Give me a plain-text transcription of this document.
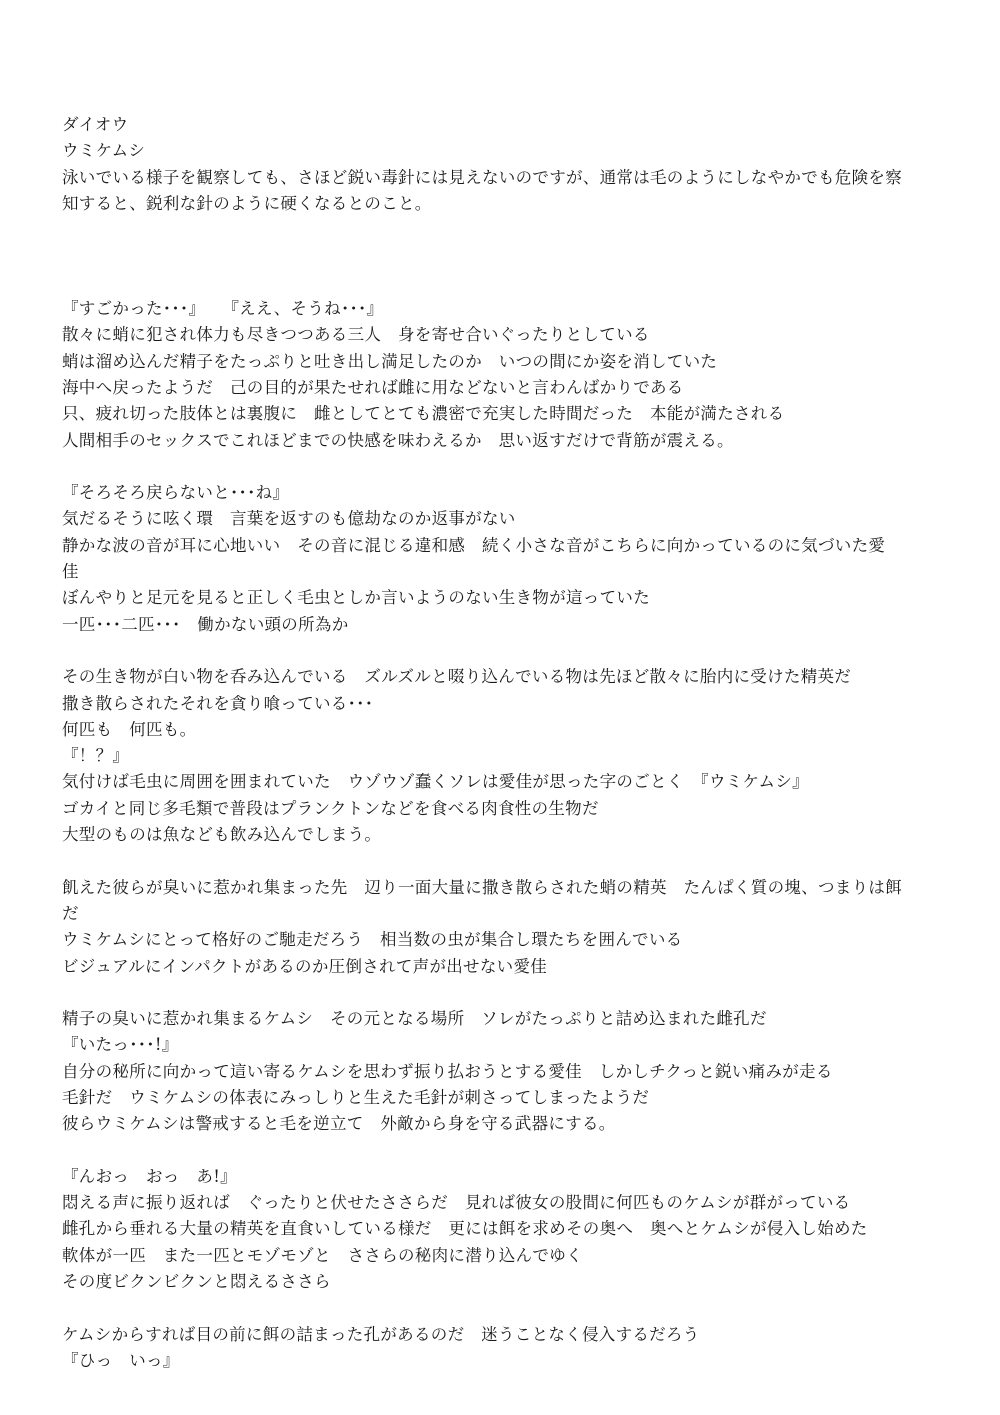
ダイオウ
ウミケムシ
泳いでいる様子を観察しても、さほど鋭い毒針には見えないのですが、通常は毛のようにしなやかでも危険を察
知すると、鋭利な針のように硬くなるとのこと。
『すごかった･･･』　　『ええ、そうね･･･』
散々に蛸に犯され体力も尽きつつある三人　身を寄せ合いぐったりとしている
蛸は溜め込んだ精子をたっぷりと吐き出し満足したのか　いつの間にか姿を消していた
海中へ戻ったようだ　己の目的が果たせれば雌に用などないと言わんばかりである
只、疲れ切った肢体とは裏腹に　雌としてとても濃密で充実した時間だった　本能が満たされる
人間相手のセックスでこれほどまでの快感を味わえるか　思い返すだけで背筋が震える。
『そろそろ戻らないと･･･ね』
気だるそうに呟く環　言葉を返すのも億劫なのか返事がない
静かな波の音が耳に心地いい　その音に混じる違和感　続く小さな音がこちらに向かっているのに気づいた愛
佳
ぼんやりと足元を見ると正しく毛虫としか言いようのない生き物が這っていた
一匹･･･二匹･･･　働かない頭の所為か
その生き物が白い物を呑み込んでいる　ズルズルと啜り込んでいる物は先ほど散々に胎内に受けた精英だ
撒き散らされたそれを貪り喰っている･･･
何匹も　何匹も。
『！？』
気付けば毛虫に周囲を囲まれていた　ウゾウゾ蠢くソレは愛佳が思った字のごとく　『ウミケムシ』
ゴカイと同じ多毛類で普段はプランクトンなどを食べる肉食性の生物だ
大型のものは魚なども飲み込んでしまう。
飢えた彼らが臭いに惹かれ集まった先　辺り一面大量に撒き散らされた蛸の精英　たんぱく質の塊、つまりは餌
だ
ウミケムシにとって格好のご馳走だろう　相当数の虫が集合し環たちを囲んでいる
ビジュアルにインパクトがあるのか圧倒されて声が出せない愛佳
精子の臭いに惹かれ集まるケムシ　その元となる場所　ソレがたっぷりと詰め込まれた雌孔だ
『いたっ･･･!』
自分の秘所に向かって這い寄るケムシを思わず振り払おうとする愛佳　しかしチクっと鋭い痛みが走る
毛針だ　ウミケムシの体表にみっしりと生えた毛針が刺さってしまったようだ
彼らウミケムシは警戒すると毛を逆立て　外敵から身を守る武器にする。
『んおっ　おっ　あ!』
悶える声に振り返れば　ぐったりと伏せたささらだ　見れば彼女の股間に何匹ものケムシが群がっている
雌孔から垂れる大量の精英を直食いしている様だ　更には餌を求めその奥へ　奥へとケムシが侵入し始めた
軟体が一匹　また一匹とモゾモゾと　ささらの秘肉に潜り込んでゆく
その度ビクンビクンと悶えるささら
ケムシからすれば目の前に餌の詰まった孔があるのだ　迷うことなく侵入するだろう
『ひっ　いっ』
